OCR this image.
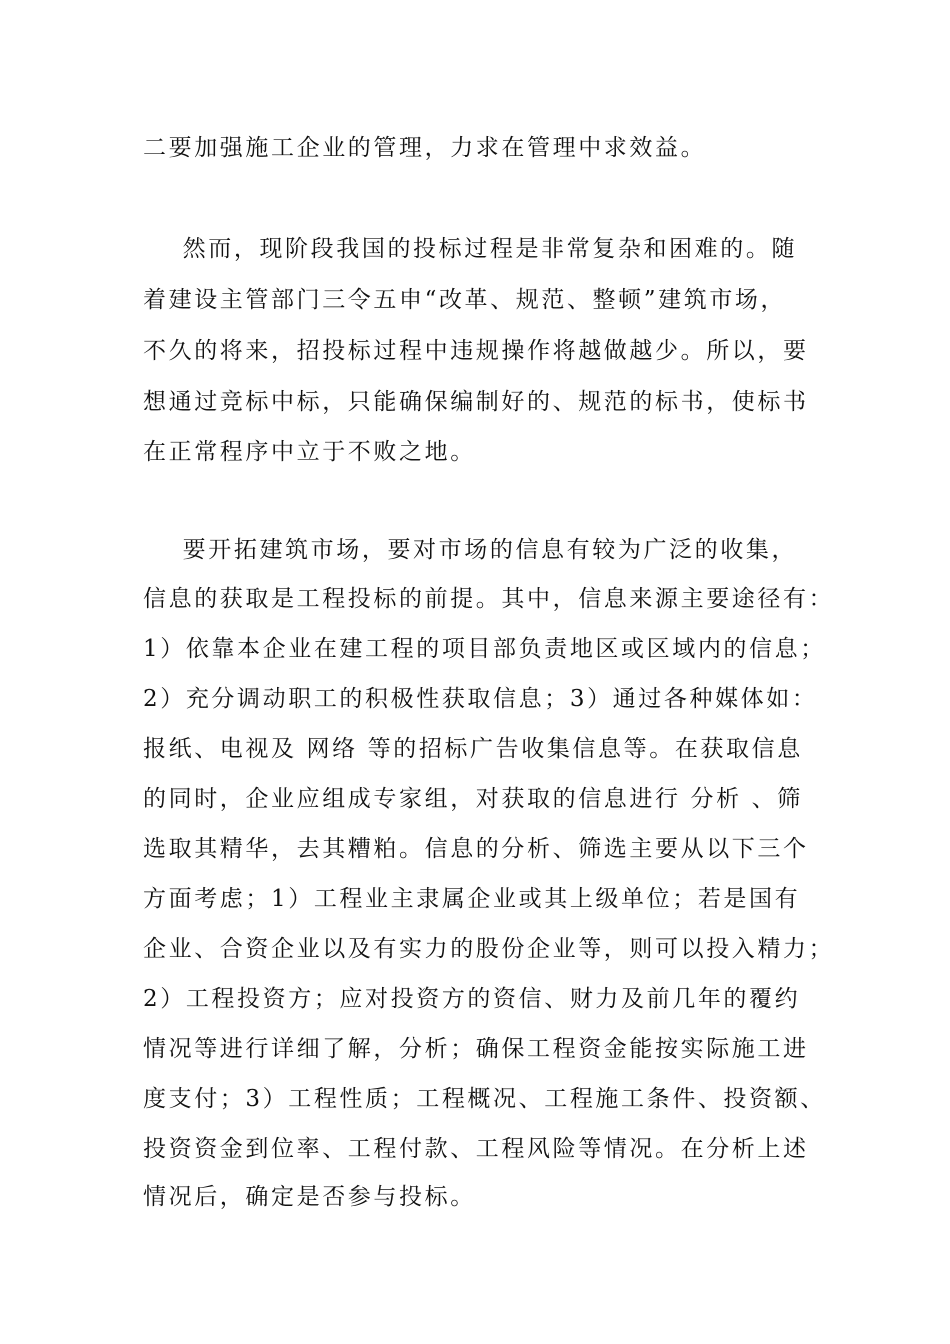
二要加强施工企业的管理，力求在管理中求效益。
然而，现阶段我国的投标过程是非常复杂和困难的。随
着建设主管部门三令五申“改革、规范、整顿”建筑市场，
不久的将来，招投标过程中违规操作将越做越少。所以，要
想通过竞标中标，只能确保编制好的、规范的标书，使标书
在正常程序中立于不败之地。
要开拓建筑市场，要对市场的信息有较为广泛的收集，
信息的获取是工程投标的前提。其中，信息来源主要途径有：
1）依靠本企业在建工程的项目部负责地区或区域内的信息；
2）充分调动职工的积极性获取信息；3）通过各种媒体如：
报纸、电视及 网络 等的招标广告收集信息等。在获取信息
的同时，企业应组成专家组，对获取的信息进行 分析 、筛
选取其精华，去其糟粕。信息的分析、筛选主要从以下三个
方面考虑；1）工程业主隶属企业或其上级单位；若是国有
企业、合资企业以及有实力的股份企业等，则可以投入精力；
2）工程投资方；应对投资方的资信、财力及前几年的覆约
情况等进行详细了解，分析；确保工程资金能按实际施工进
度支付；3）工程性质；工程概况、工程施工条件、投资额、
投资资金到位率、工程付款、工程风险等情况。在分析上述
情况后，确定是否参与投标。
